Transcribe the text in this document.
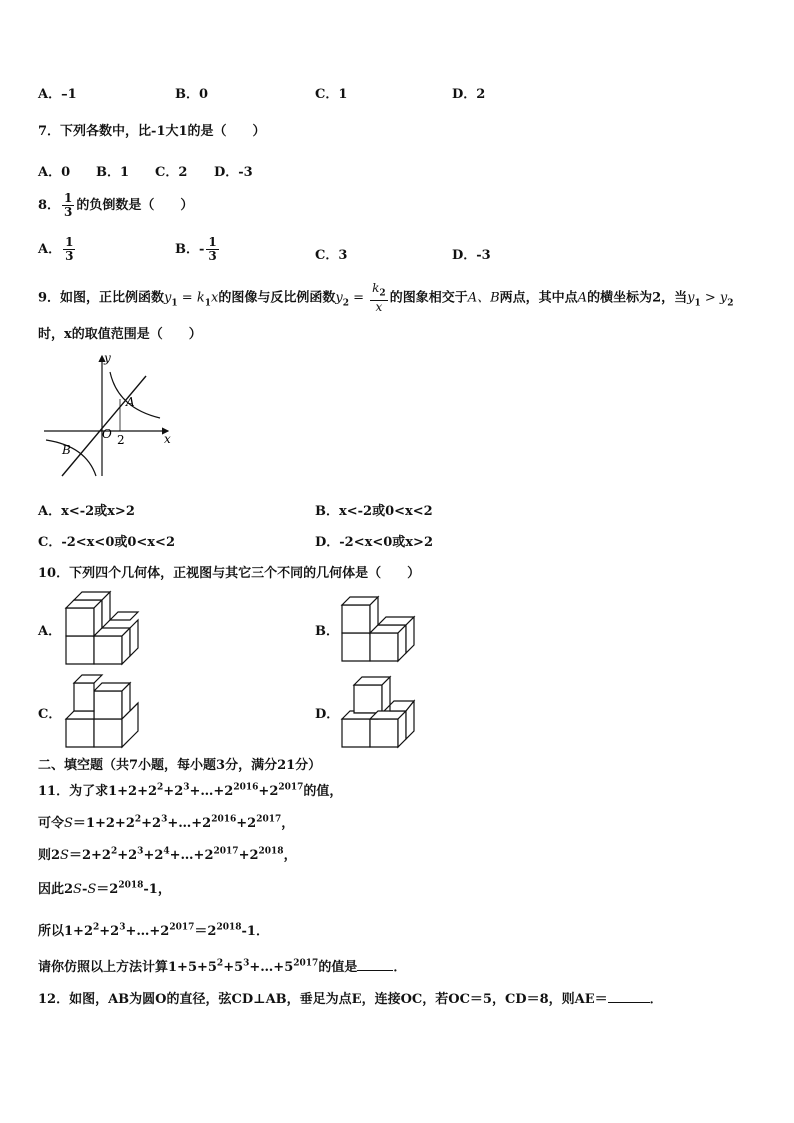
A．–1	B．0	C．1	D．2
7．下列各数中，比-1大1的是（　　）
A．0 B．1 C．2 D．-3
8． $\frac{1}{3}$ 的负倒数是（　　）
A． $\frac{1}{3}$	B．- $\frac{1}{3}$	C．3	D．-3
9．如图，正比例函数$y_1 = k_1x$的图像与反比例函数$y_2 = \frac{k_2}{x}$ 的图象相交于A、B两点，其中点A的横坐标为2，当$y_1 > y_2$
时，x的取值范围是（　　）
y
x
O 2
A
B
A．x<-2或x>2	B．x<-2或0<x<2
C．-2<x<0或0<x<2	D．-2<x<0或x>2
10．下列四个几何体，正视图与其它三个不同的几何体是（　　）
A．	B．
C．	D．
二、填空题（共7小题，每小题3分，满分21分）
11．为了求$1+2+2^2+2^3+\dots+2^{2016}+2^{2017}$的值，
可令$S=1+2+2^2+2^3+\dots+2^{2016}+2^{2017}$，
则$2S=2+2^2+2^3+2^4+\dots+2^{2017}+2^{2018}$，
因此$2S-S=2^{2018}-1$，
所以$1+2^2+2^3+\dots+2^{2017}=2^{2018}-1$．
请你仿照以上方法计算$1+5+5^2+5^3+\dots+5^{2017}$的值是	．
12．如图，AB为圆O的直径，弦CD⊥AB，垂足为点E，连接OC，若OC＝5，CD＝8，则AE＝	．
